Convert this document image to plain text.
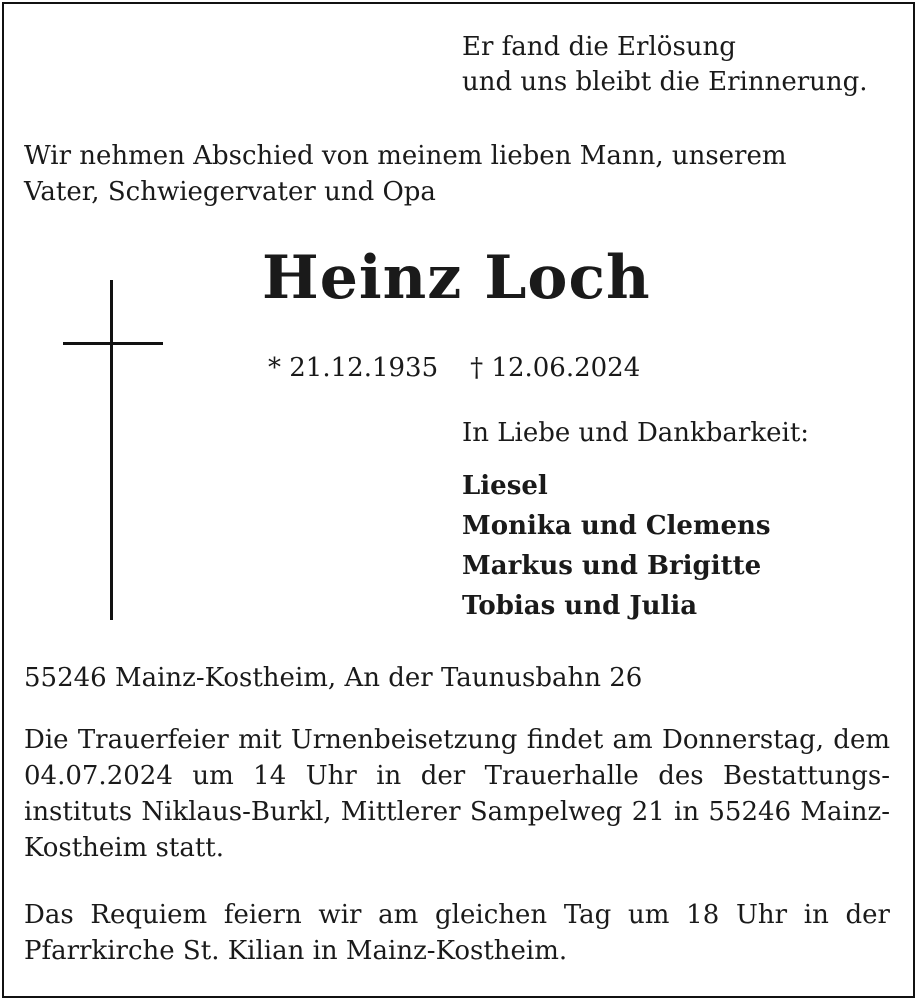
Er fand die Erlösung
und uns bleibt die Erinnerung.
Wir nehmen Abschied von meinem lieben Mann, unserem
Vater, Schwiegervater und Opa
Heinz Loch
* 21.12.1935 † 12.06.2024
In Liebe und Dankbarkeit:
Liesel
Monika und Clemens
Markus und Brigitte
Tobias und Julia
55246 Mainz-Kostheim, An der Taunusbahn 26
Die Trauerfeier mit Urnenbeisetzung findet am Donnerstag, dem 04.07.2024 um 14 Uhr in der Trauerhalle des Bestattungsinstituts Niklaus-Burkl, Mittlerer Sampelweg 21 in 55246 Mainz-Kostheim statt.
Das Requiem feiern wir am gleichen Tag um 18 Uhr in der Pfarrkirche St. Kilian in Mainz-Kostheim.
